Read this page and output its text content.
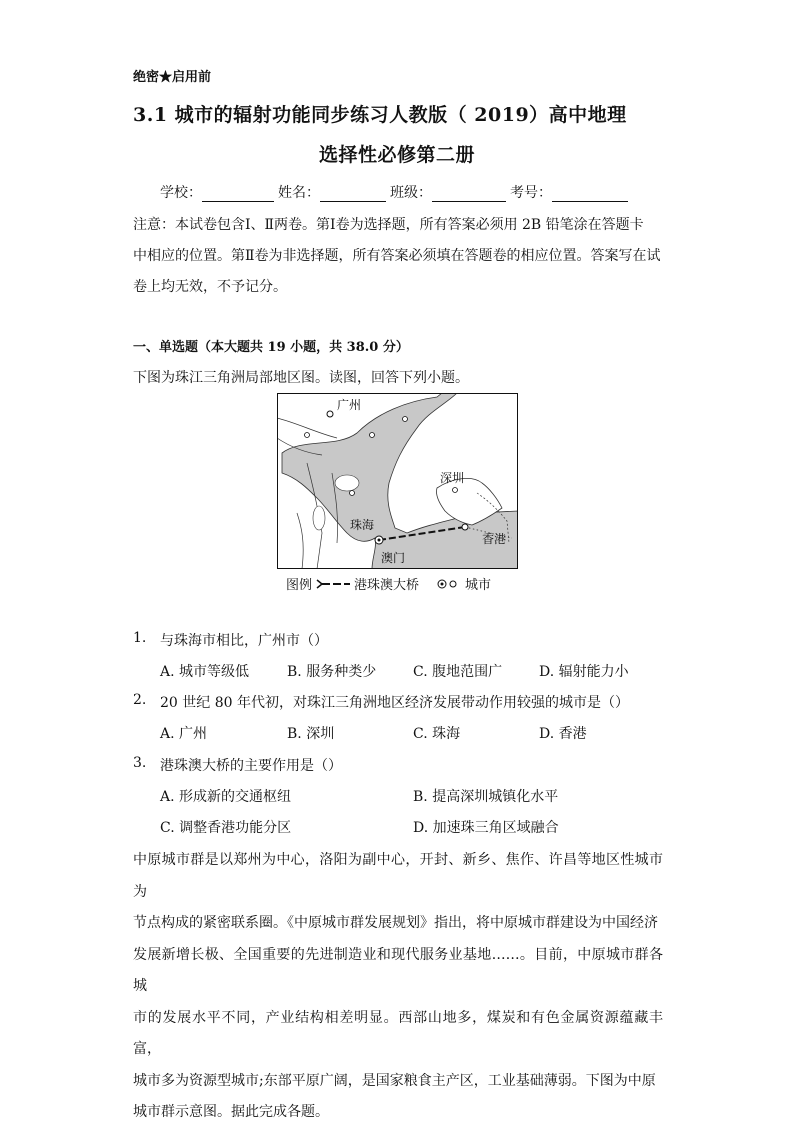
绝密★启用前
3.1 城市的辐射功能同步练习人教版（ 2019）高中地理
选择性必修第二册
学校：	姓名：	班级：	考号：

注意：本试卷包含Ⅰ、Ⅱ两卷。第Ⅰ卷为选择题，所有答案必须用 2B 铅笔涂在答题卡

中相应的位置。第Ⅱ卷为非选择题，所有答案必须填在答题卷的相应位置。答案写在试

卷上均无效，不予记分。

一、单选题（本大题共 19 小题，共 38.0 分）
下图为珠江三角洲局部地区图。读图，回答下列小题。
广州
深圳
珠海
澳门
香港
图例	港珠澳大桥	城市
1. 与珠海市相比，广州市（）
A. 城市等级低	B. 服务种类少	C. 腹地范围广	D. 辐射能力小
2. 20 世纪 80 年代初，对珠江三角洲地区经济发展带动作用较强的城市是（）
A. 广州	B. 深圳	C. 珠海	D. 香港
3. 港珠澳大桥的主要作用是（）
A. 形成新的交通枢纽	B. 提高深圳城镇化水平
C. 调整香港功能分区	D. 加速珠三角区域融合

中原城市群是以郑州为中心，洛阳为副中心，开封、新乡、焦作、许昌等地区性城市为

节点构成的紧密联系圈。《中原城市群发展规划》指出，将中原城市群建设为中国经济

发展新增长极、全国重要的先进制造业和现代服务业基地……。目前，中原城市群各城

市的发展水平不同，产业结构相差明显。西部山地多，煤炭和有色金属资源蕴藏丰富，

城市多为资源型城市;东部平原广阔，是国家粮食主产区，工业基础薄弱。下图为中原

城市群示意图。据此完成各题。
